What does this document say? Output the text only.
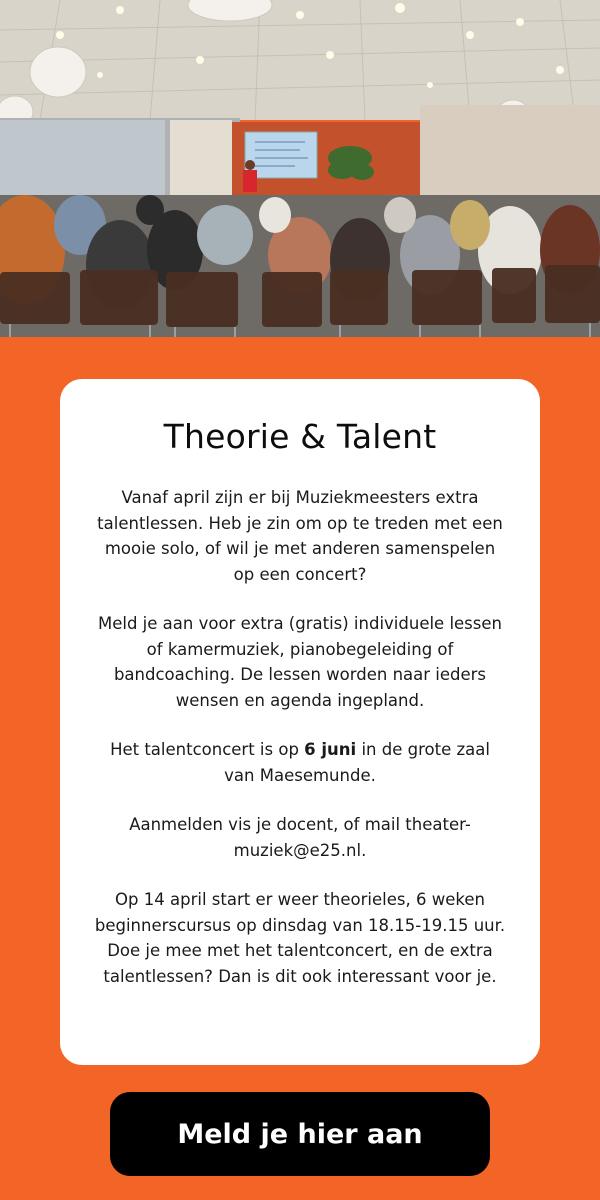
Theorie & Talent

Vanaf april zijn er bij Muziekmeesters extra talentlessen. Heb je zin om op te treden met een mooie solo, of wil je met anderen samenspelen op een concert?

Meld je aan voor extra (gratis) individuele lessen of kamermuziek, pianobegeleiding of bandcoaching. De lessen worden naar ieders wensen en agenda ingepland.

Het talentconcert is op 6 juni in de grote zaal van Maesemunde.

Aanmelden vis je docent, of mail theater-muziek@e25.nl.

Op 14 april start er weer theorieles, 6 weken beginnerscursus op dinsdag van 18.15-19.15 uur. Doe je mee met het talentconcert, en de extra talentlessen? Dan is dit ook interessant voor je.

Meld je hier aan
